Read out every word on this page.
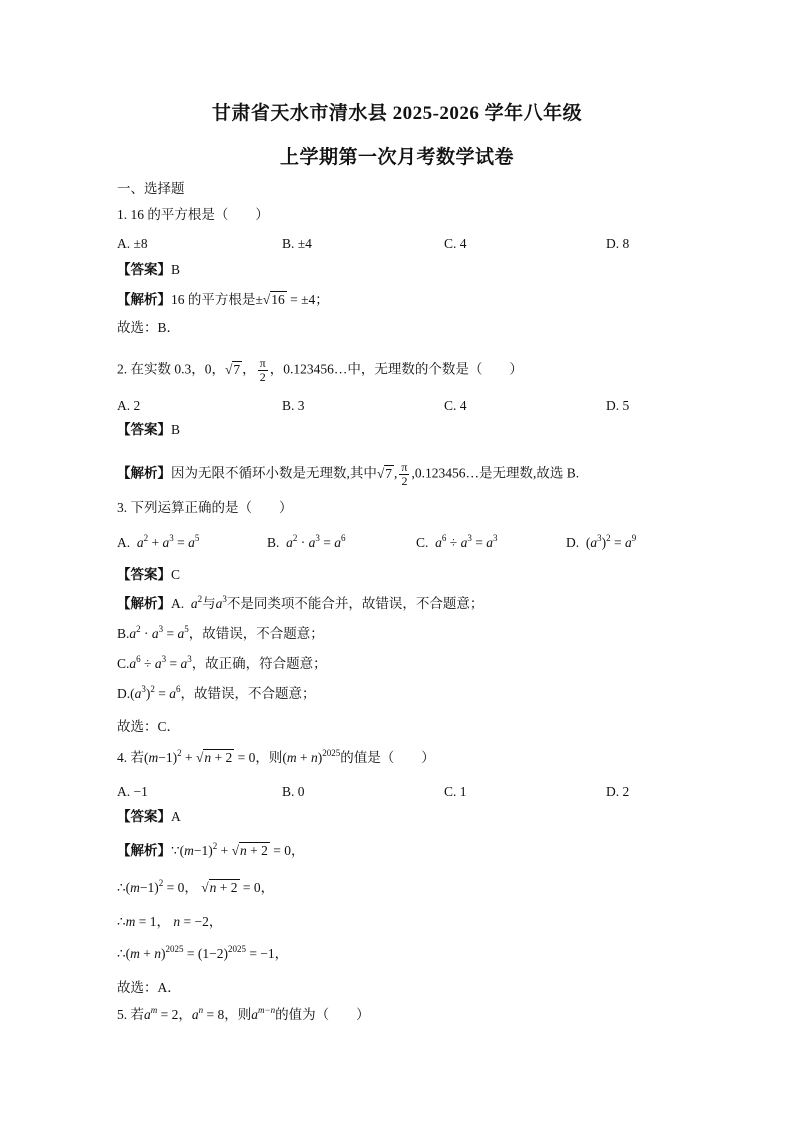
甘肃省天水市清水县 2025-2026 学年八年级
上学期第一次月考数学试卷
一、选择题
1. 16 的平方根是（　　）
A. ±8	B. ±4	C. 4	D. 8
【答案】B
【解析】16 的平方根是±√16 = ±4；
故选：B．
2. 在实数 0.3，0，√7 ， $\frac{\pi}{2}$ ，0.123456…中，无理数的个数是（　　）
A. 2	B. 3	C. 4	D. 5
【答案】B
【解析】因为无限不循环小数是无理数,其中√7 , $\frac{\pi}{2}$ ,0.123456…是无理数,故选 B.
3. 下列运算正确的是（　　）
A. $a^2 + a^3 = a^5$	B. $a^2 \cdot a^3 = a^6$	C. $a^6 \div a^3 = a^3$	D.  $(a^3)^2 = a^9$
【答案】C
【解析】A. $a^2$与$a^3$不是同类项不能合并，故错误，不合题意；
$B.a^2 \cdot a^3 = a^5$，故错误，不合题意；
$C.a^6 \div a^3 = a^3$，故正确，符合题意；
$D.(a^3)^2 = a^6$，故错误，不合题意；
故选：C．
4. 若$(m-1)^2 + √n + 2 = 0$，则$(m + n)^{2025}$的值是（　　）
A. −1	B. 0	C. 1	D. 2
【答案】A
【解析】$\because(m-1)^2 + √n + 2 = 0$，
$\therefore(m-1)^2 = 0$， √n + 2 = 0，
∴m = 1， n = −2，
∴(m + $n)^{2025} = (1-2)^{2025} = -1$，
故选：A．
5. 若$a^m = 2$，$a^n = 8$，则$a^{m-n}$的值为（　　）
